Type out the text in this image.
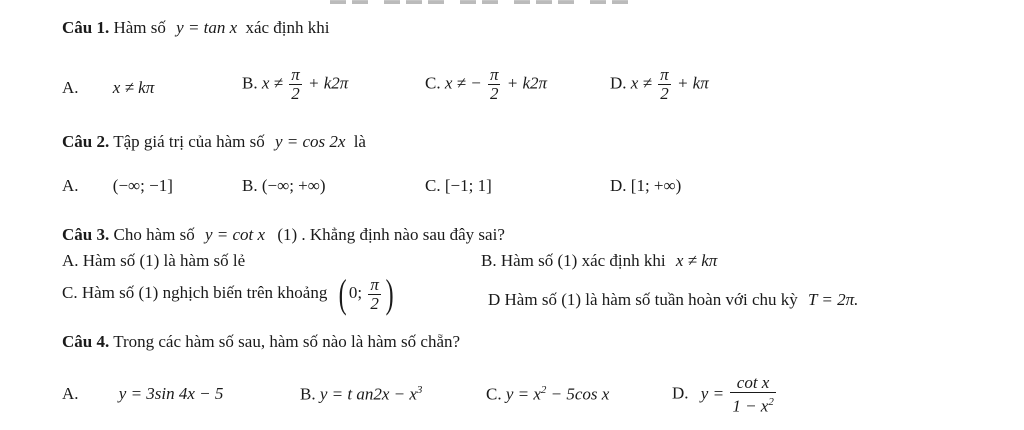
Câu 1. Hàm số y = tan x xác định khi
A. x ≠ kπ	B. $x \ne \frac{\pi}{2} + k2\pi$	C. x ≠ − $\frac{\pi}{2} + k2\pi$	D. $x \ne \frac{\pi}{2} + k\pi$
Câu 2. Tập giá trị của hàm số y = cos 2x là
A. (−∞; −1]	B. (−∞; +∞)	C. [−1; 1]	D. [1; +∞)
Câu 3. Cho hàm số y = cot x (1) . Khẳng định nào sau đây sai?
A. Hàm số (1) là hàm số lẻ	B. Hàm số (1) xác định khi x ≠ kπ
C. Hàm số (1) nghịch biến trên khoảng ( 0; $\frac{\pi}{2}$ )	D Hàm số (1) là hàm số tuần hoàn với chu kỳ T = 2π.
Câu 4. Trong các hàm số sau, hàm số nào là hàm số chẵn?
A. y = 3sin 4x − 5	B. y = t $an2x - x^3$	C. $y = x^2 - 5\cos$ x	D. $y = \frac{\text{cot x}}{1 - x^2}$
